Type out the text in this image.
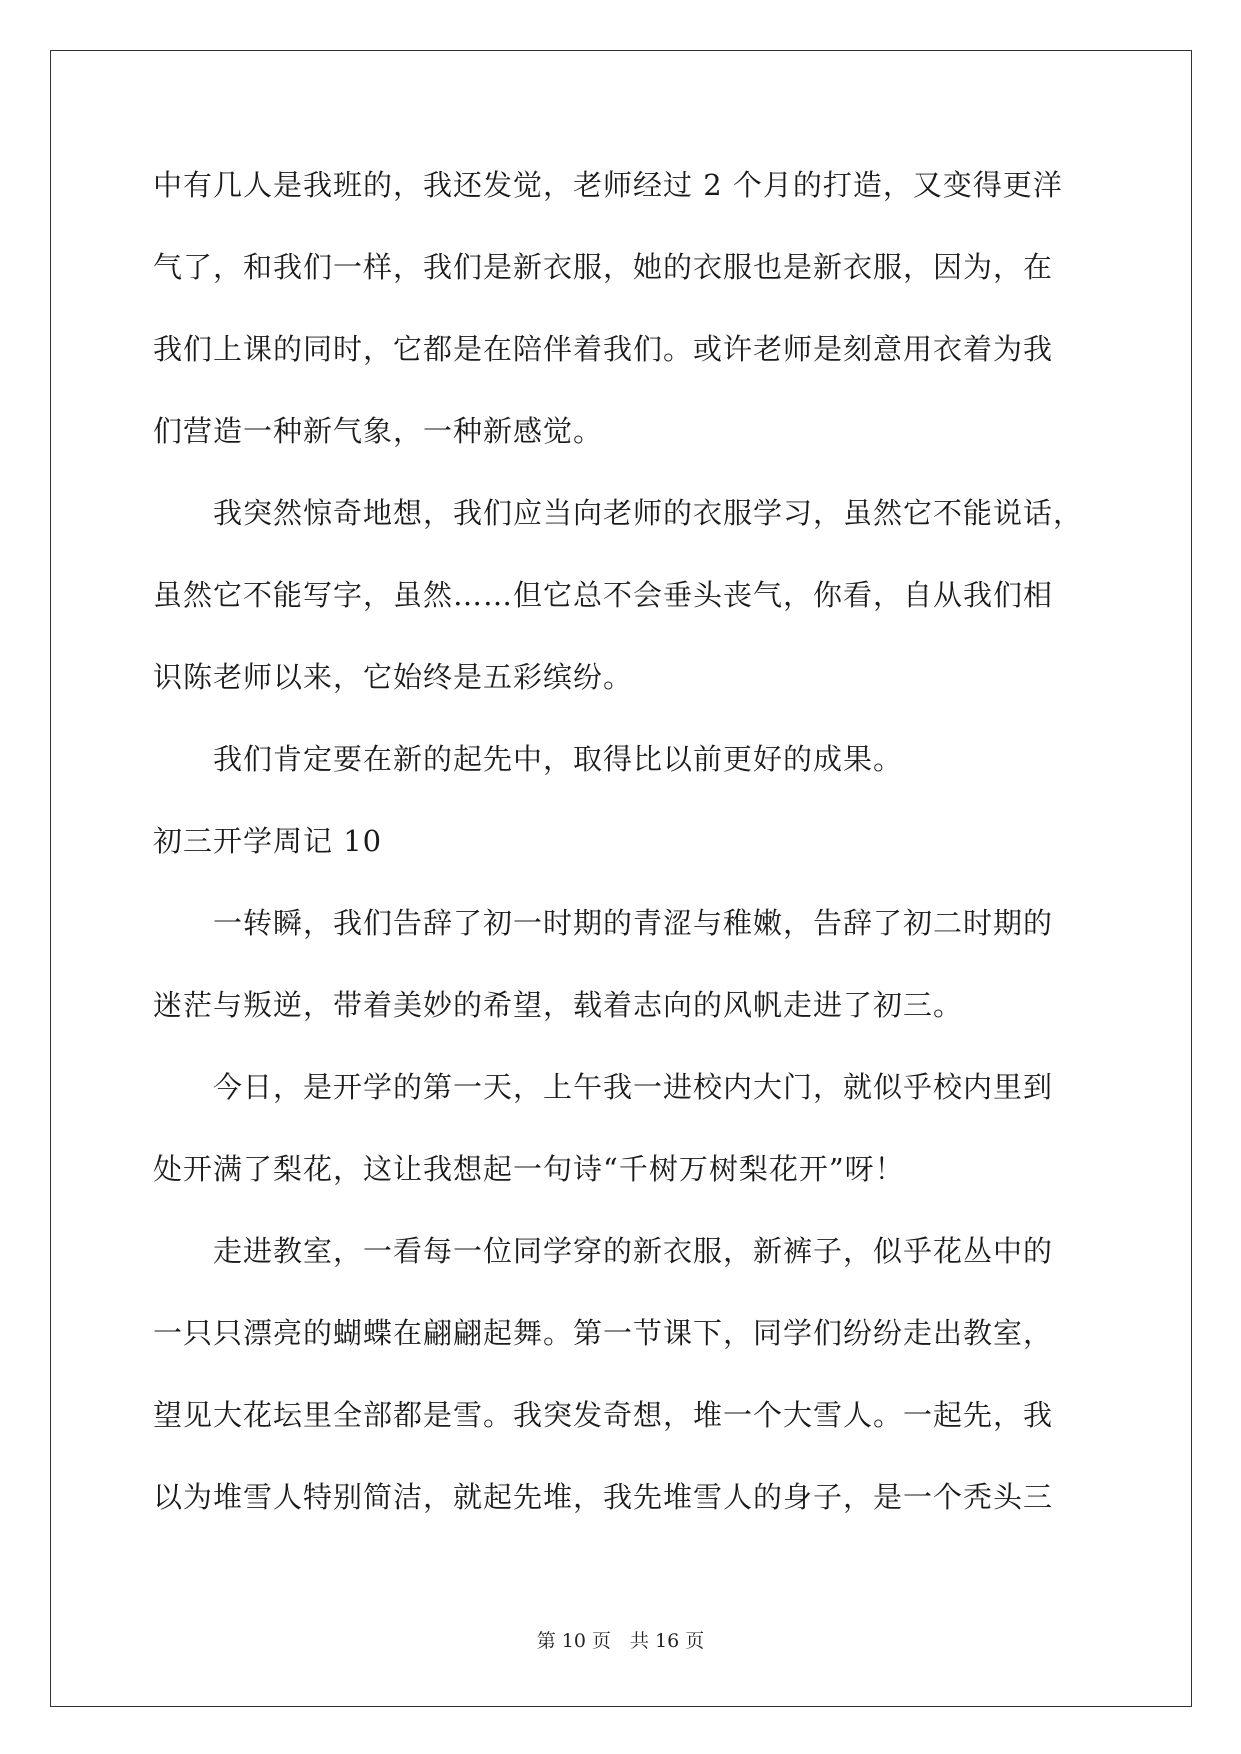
中有几人是我班的，我还发觉，老师经过 2 个月的打造，又变得更洋
气了，和我们一样，我们是新衣服，她的衣服也是新衣服，因为，在
我们上课的同时，它都是在陪伴着我们。或许老师是刻意用衣着为我
们营造一种新气象，一种新感觉。
　　我突然惊奇地想，我们应当向老师的衣服学习，虽然它不能说话，
虽然它不能写字，虽然……但它总不会垂头丧气，你看，自从我们相
识陈老师以来，它始终是五彩缤纷。
　　我们肯定要在新的起先中，取得比以前更好的成果。
初三开学周记 10
　　一转瞬，我们告辞了初一时期的青涩与稚嫩，告辞了初二时期的
迷茫与叛逆，带着美妙的希望，载着志向的风帆走进了初三。
　　今日，是开学的第一天，上午我一进校内大门，就似乎校内里到
处开满了梨花，这让我想起一句诗“千树万树梨花开”呀！
　　走进教室，一看每一位同学穿的新衣服，新裤子，似乎花丛中的
一只只漂亮的蝴蝶在翩翩起舞。第一节课下，同学们纷纷走出教室，
望见大花坛里全部都是雪。我突发奇想，堆一个大雪人。一起先，我
以为堆雪人特别简洁，就起先堆，我先堆雪人的身子，是一个秃头三
第 10 页　共 16 页
